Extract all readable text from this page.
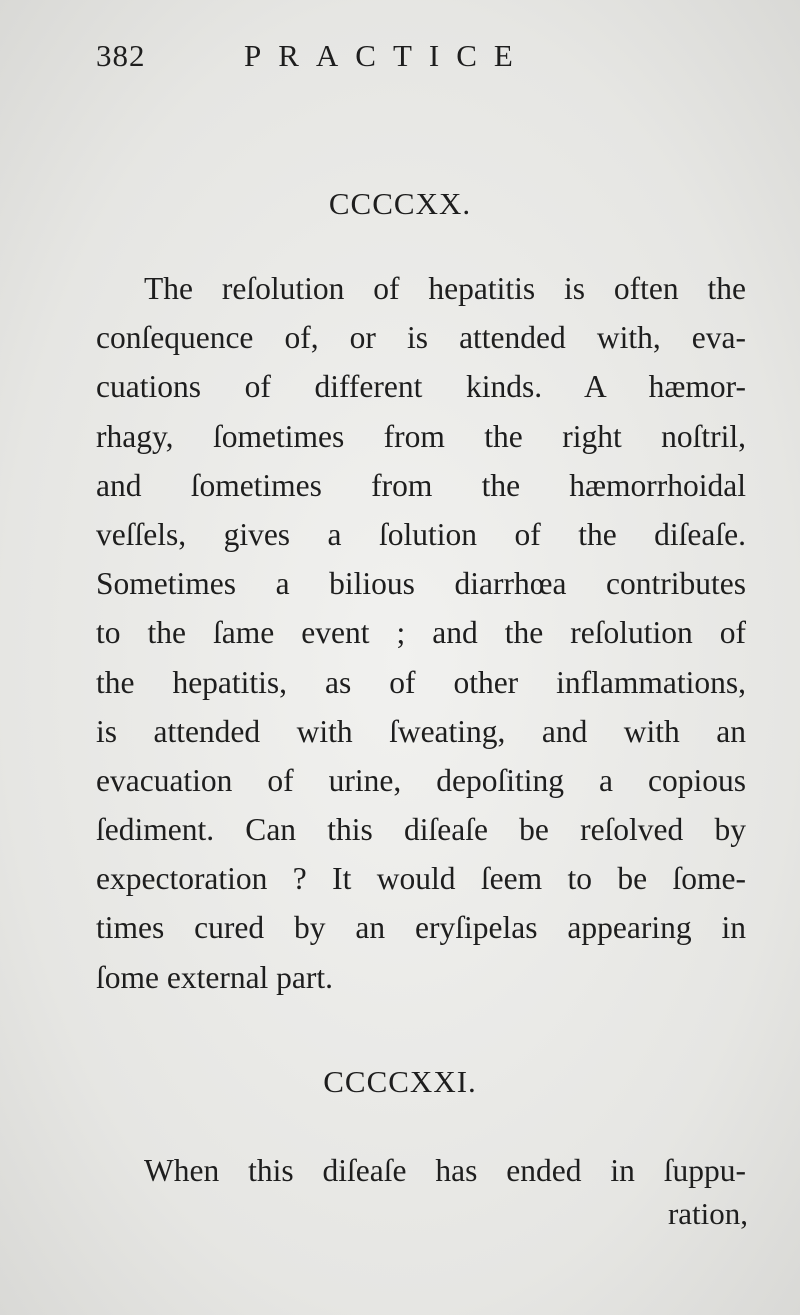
382	PRACTICE
CCCCXX.
The reſolution of hepatitis is often the
conſequence of, or is attended with, eva-
cuations of different kinds. A hæmor-
rhagy, ſometimes from the right noſtril,
and ſometimes from the hæmorrhoidal
veſſels, gives a ſolution of the diſeaſe.
Sometimes a bilious diarrhœa contributes
to the ſame event ; and the reſolution of
the hepatitis, as of other inflammations,
is attended with ſweating, and with an
evacuation of urine, depoſiting a copious
ſediment. Can this diſeaſe be reſolved by
expectoration ? It would ſeem to be ſome-
times cured by an eryſipelas appearing in
ſome external part.
CCCCXXI.
When this diſeaſe has ended in ſuppu-
ration,
